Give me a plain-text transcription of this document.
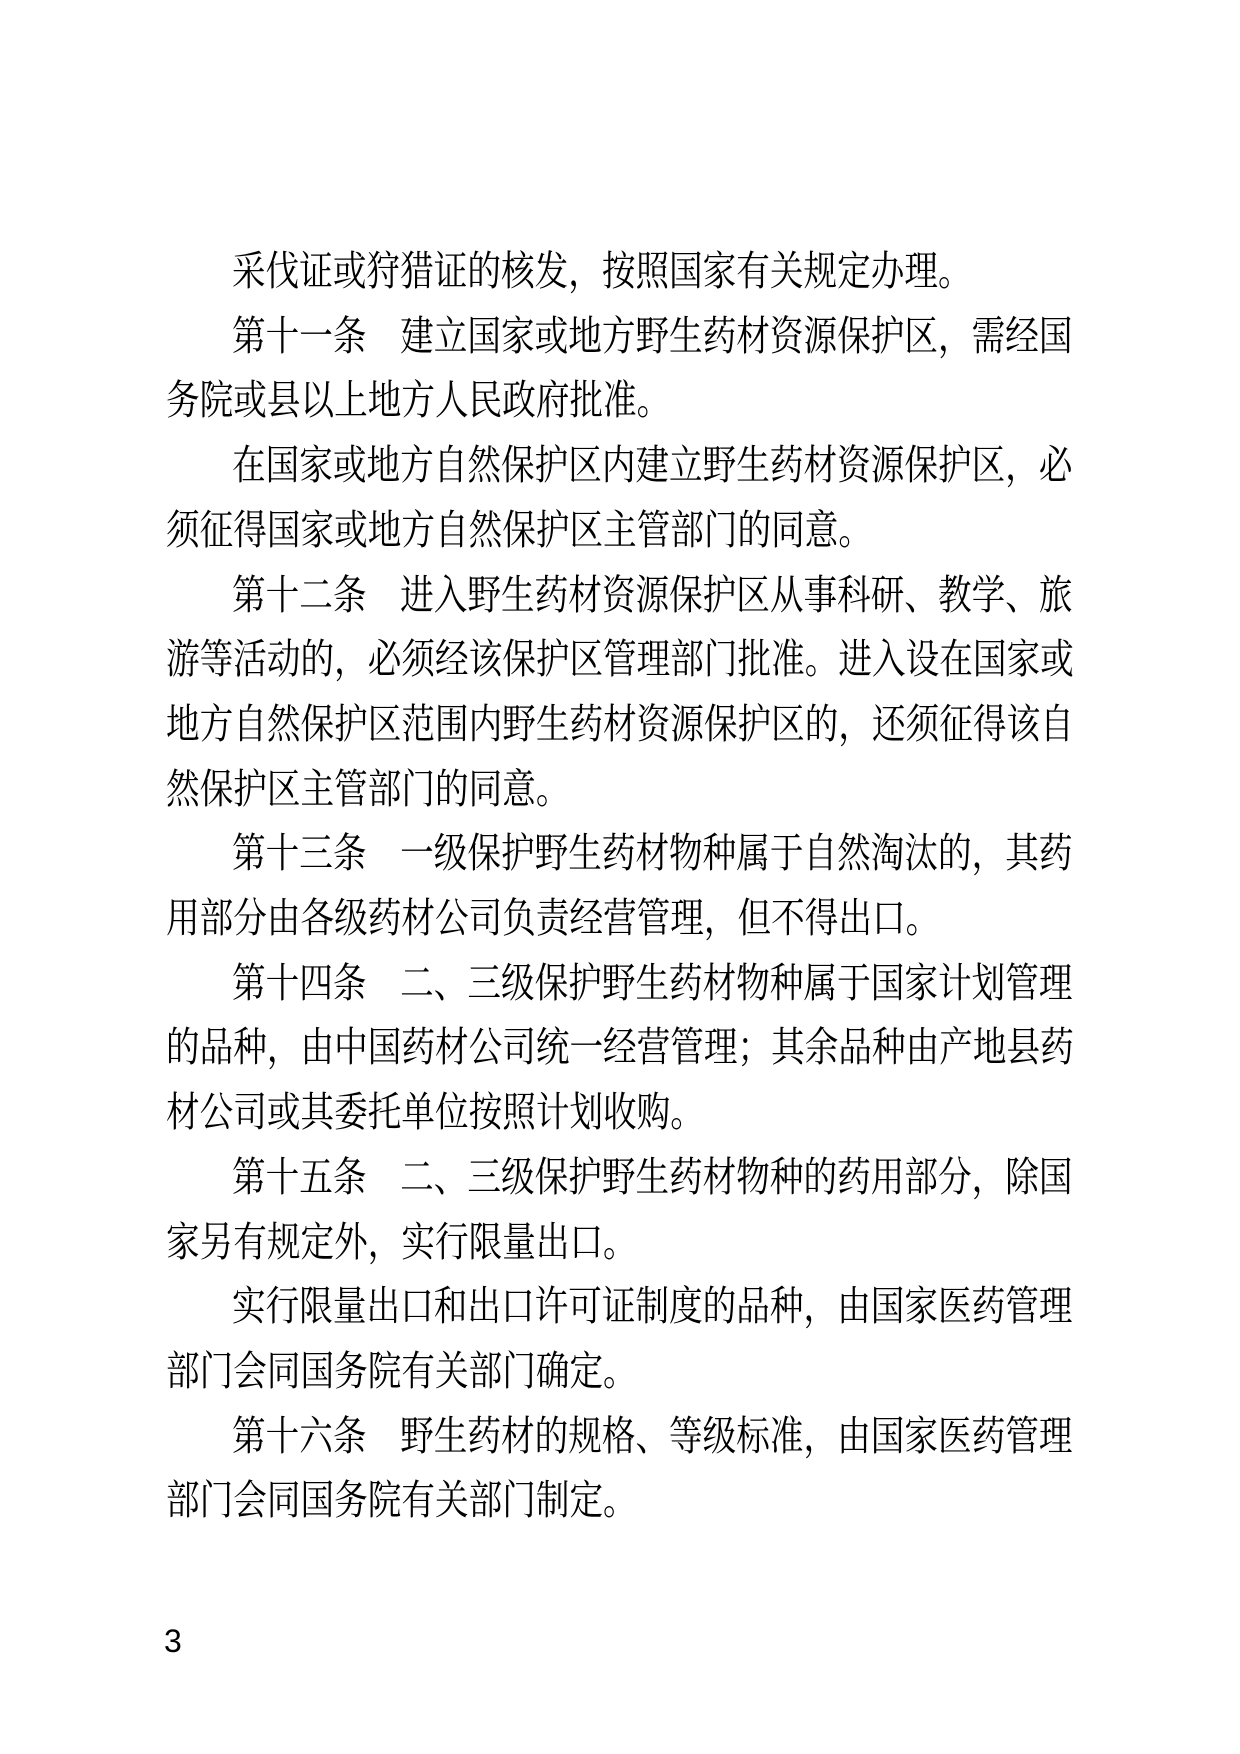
采伐证或狩猎证的核发，按照国家有关规定办理。
第十一条　建立国家或地方野生药材资源保护区，需经国
务院或县以上地方人民政府批准。
在国家或地方自然保护区内建立野生药材资源保护区，必
须征得国家或地方自然保护区主管部门的同意。
第十二条　进入野生药材资源保护区从事科研、教学、旅
游等活动的，必须经该保护区管理部门批准。进入设在国家或
地方自然保护区范围内野生药材资源保护区的，还须征得该自
然保护区主管部门的同意。
第十三条　一级保护野生药材物种属于自然淘汰的，其药
用部分由各级药材公司负责经营管理，但不得出口。
第十四条　二、三级保护野生药材物种属于国家计划管理
的品种，由中国药材公司统一经营管理；其余品种由产地县药
材公司或其委托单位按照计划收购。
第十五条　二、三级保护野生药材物种的药用部分，除国
家另有规定外，实行限量出口。
实行限量出口和出口许可证制度的品种，由国家医药管理
部门会同国务院有关部门确定。
第十六条　野生药材的规格、等级标准，由国家医药管理
部门会同国务院有关部门制定。
3
